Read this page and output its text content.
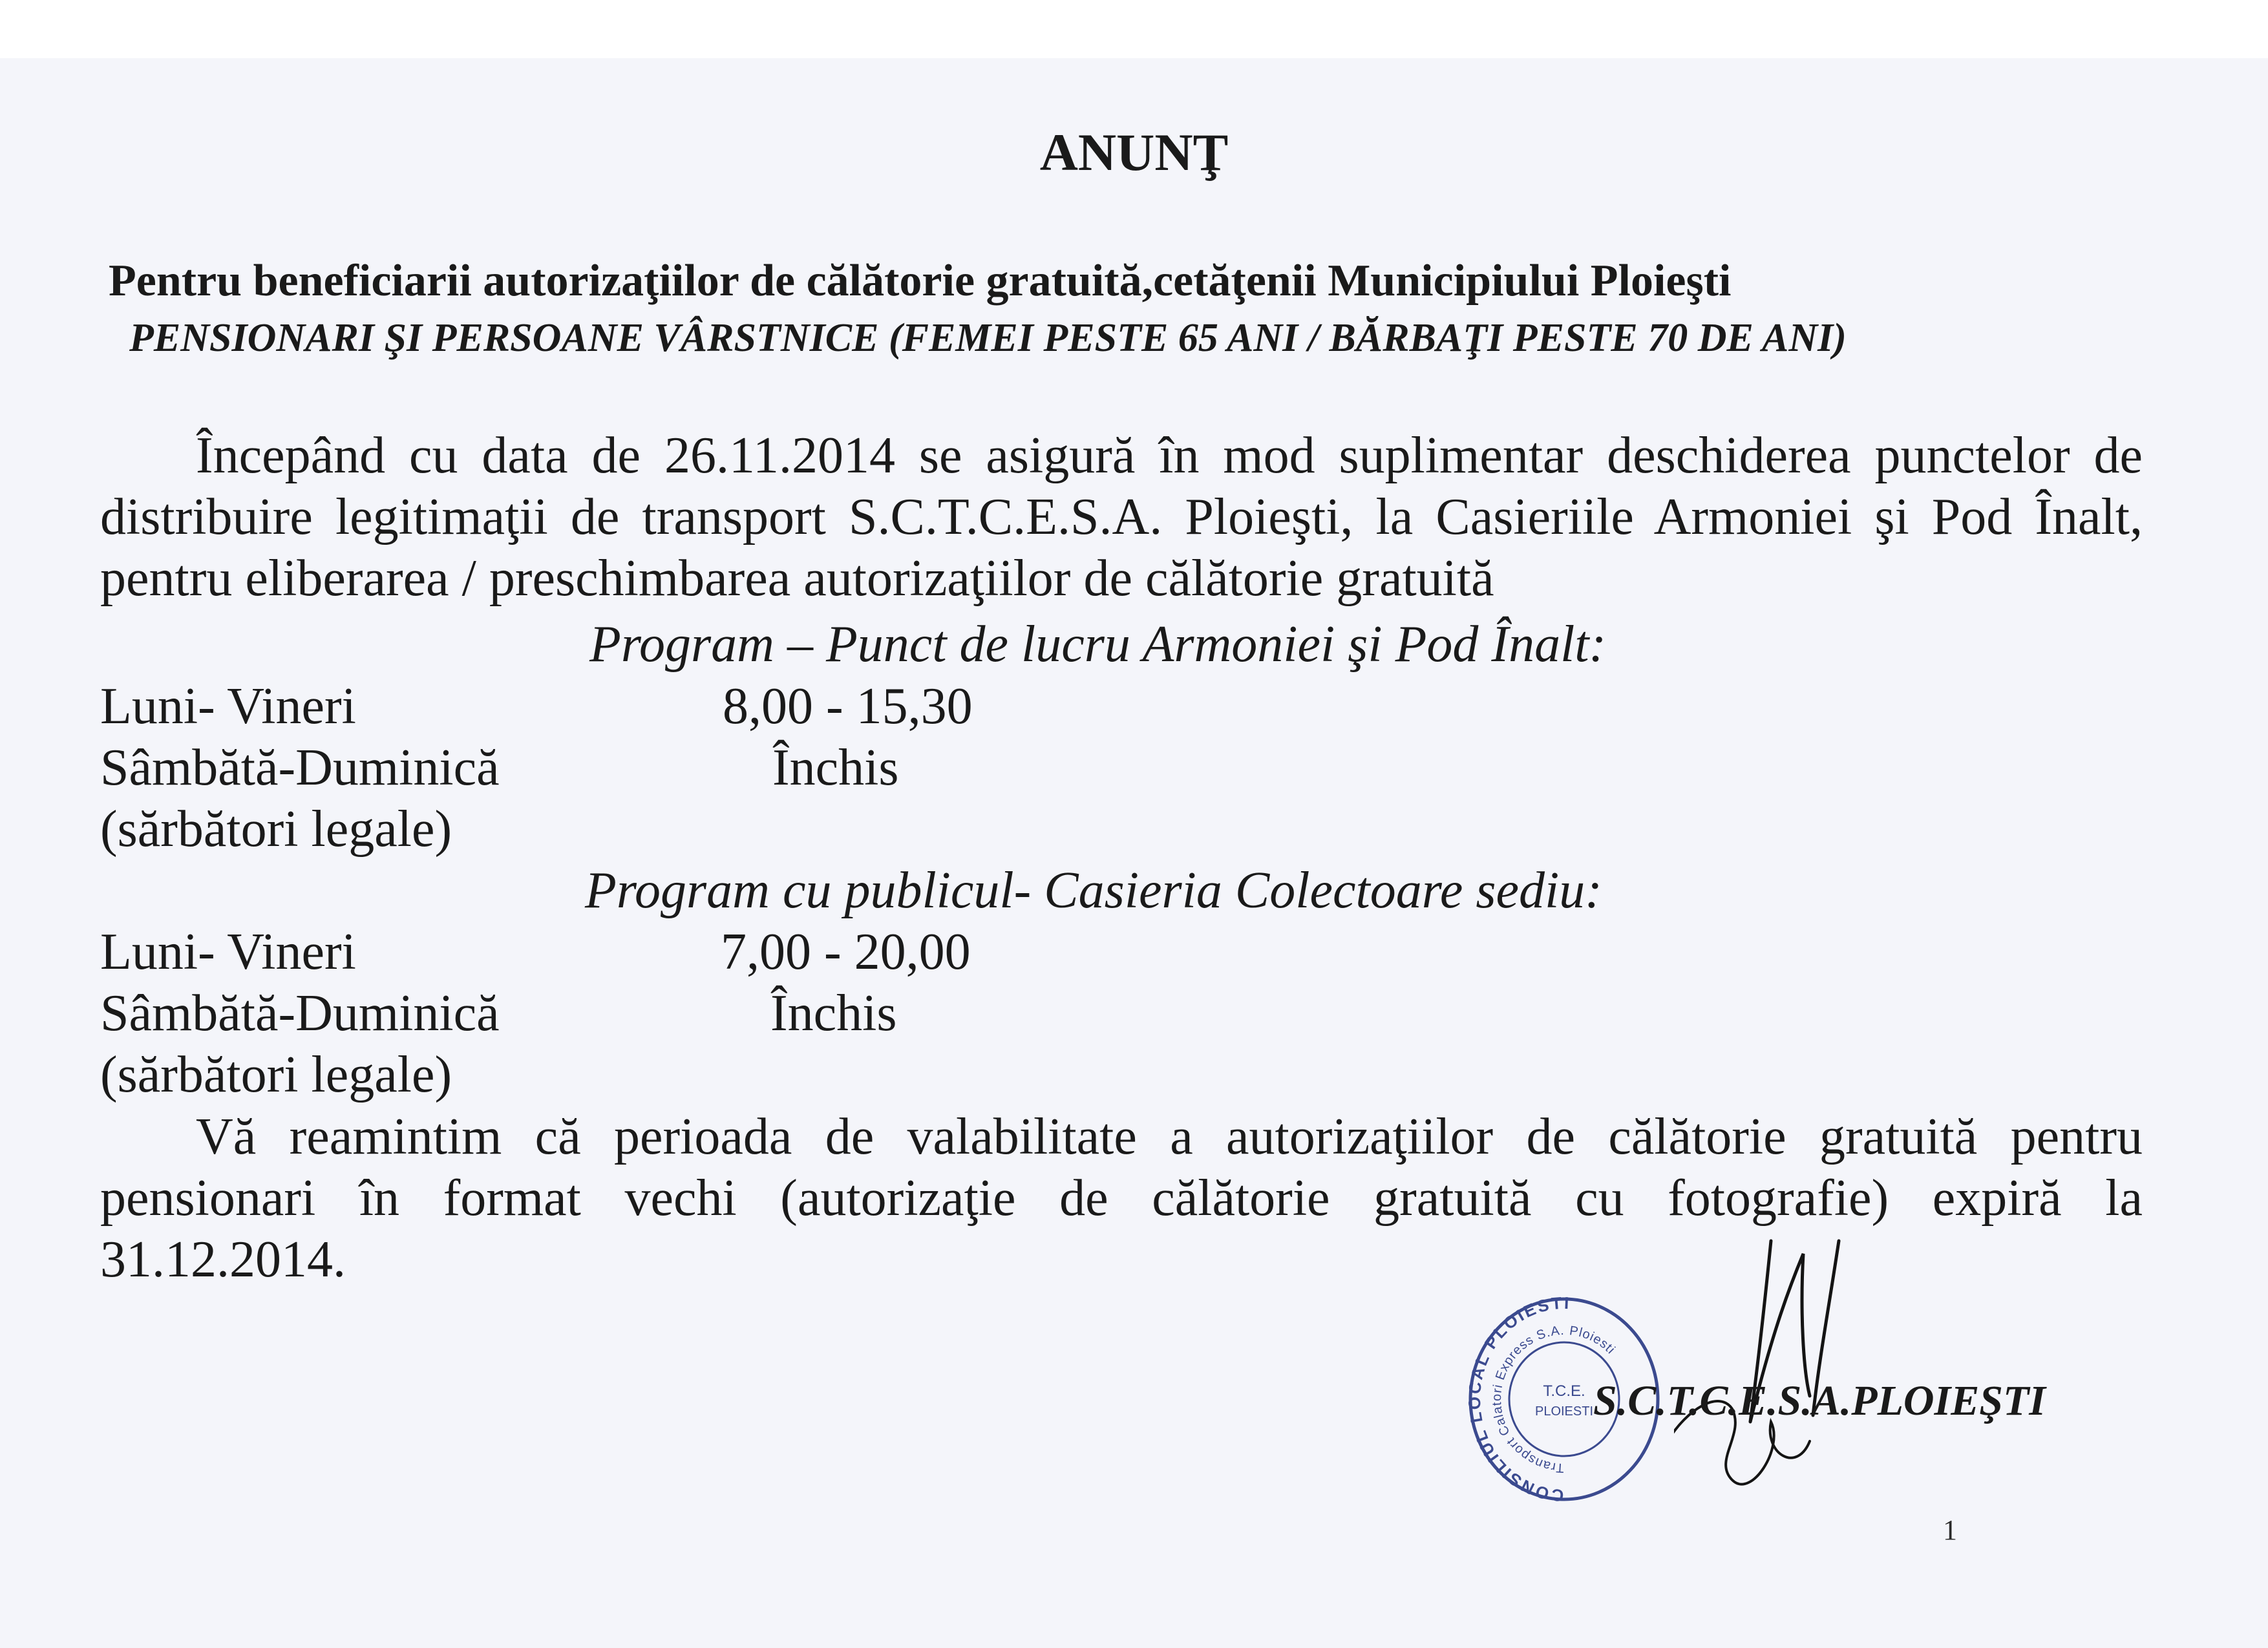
ANUNŢ
Pentru beneficiarii autorizaţiilor de călătorie gratuită,cetăţenii Municipiului Ploieşti
PENSIONARI ŞI PERSOANE VÂRSTNICE (FEMEI PESTE 65 ANI / BĂRBAŢI PESTE 70 DE ANI)
Începând cu data de 26.11.2014 se asigură în mod suplimentar deschiderea punctelor de
distribuire legitimaţii de transport S.C.T.C.E.S.A. Ploieşti, la Casieriile Armoniei şi Pod Înalt,
pentru eliberarea / preschimbarea autorizaţiilor de călătorie gratuită
Program – Punct de lucru Armoniei şi Pod Înalt:
Luni- Vineri	8,00 - 15,30
Sâmbătă-Duminică	Închis
(sărbători legale)
Program cu publicul- Casieria Colectoare sediu:
Luni- Vineri	7,00 - 20,00
Sâmbătă-Duminică	Închis
(sărbători legale)
Vă reamintim că perioada de valabilitate a autorizaţiilor de călătorie gratuită pentru
pensionari în format vechi (autorizaţie de călătorie gratuită cu fotografie) expiră la
31.12.2014.
CONSILIUL LOCAL PLOIESTI
Transport Calatori Express S.A. Ploiesti
T.C.E.
PLOIESTI S.C.T.C.E.S.A.PLOIEŞTI
1
